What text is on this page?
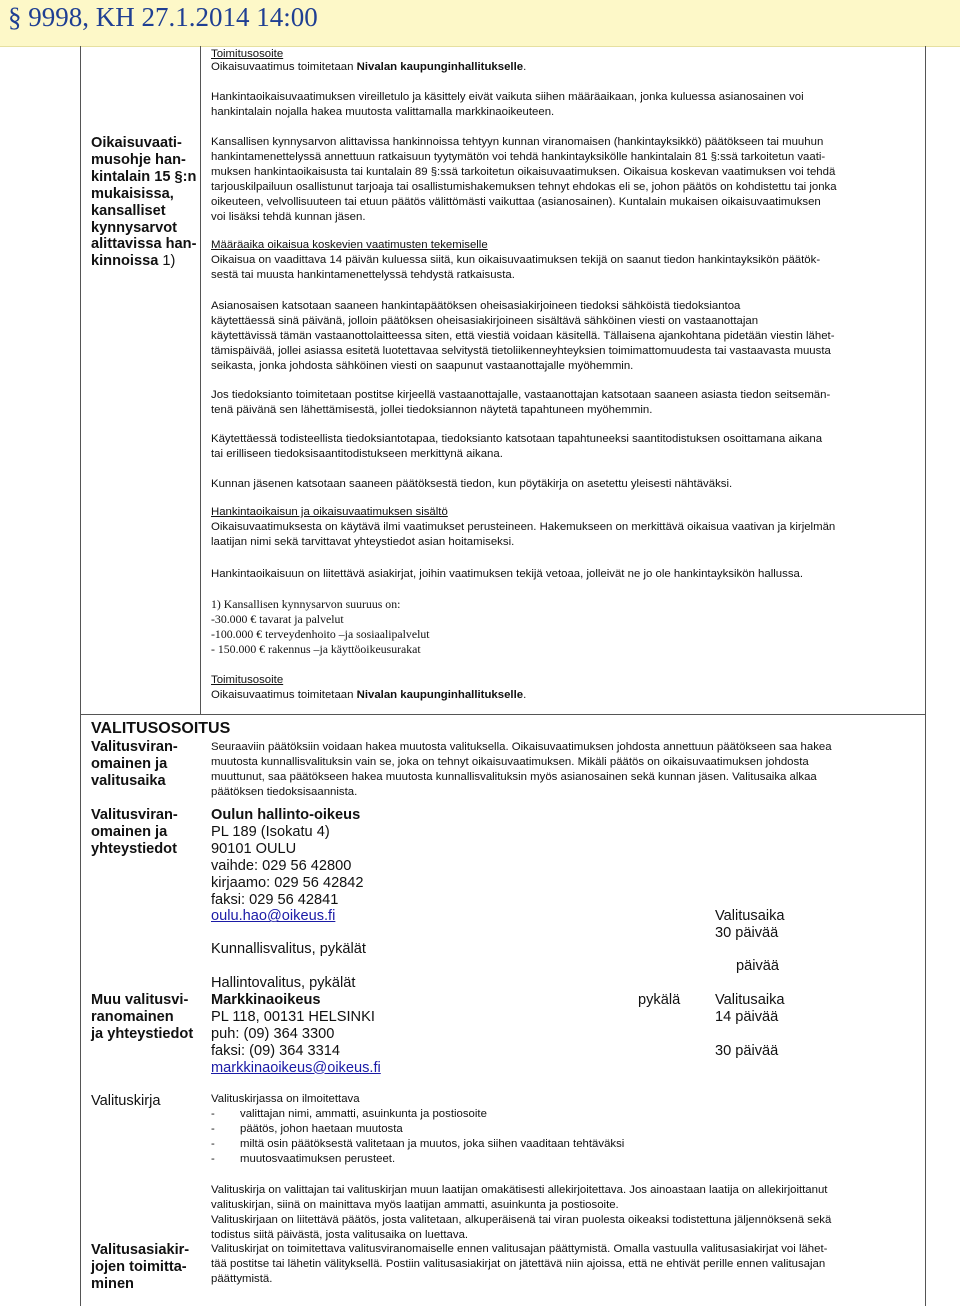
§ 9998, KH 27.1.2014 14:00
Toimitusosoite
Oikaisuvaatimus toimitetaan Nivalan kaupunginhallitukselle.
Hankintaoikaisuvaatimuksen vireilletulo ja käsittely eivät vaikuta siihen määräaikaan, jonka kuluessa asianosainen voi
hankintalain nojalla hakea muutosta valittamalla markkinaoikeuteen.
Oikaisuvaati-
musohje han-
kintalain 15 §:n
mukaisissa,
kansalliset
kynnysarvot
alittavissa han-
kinnoissa 1)
Kansallisen kynnysarvon alittavissa hankinnoissa tehtyyn kunnan viranomaisen (hankintayksikkö) päätökseen tai muuhun
hankintamenettelyssä annettuun ratkaisuun tyytymätön voi tehdä hankintayksikölle hankintalain 81 §:ssä tarkoitetun vaati-
muksen hankintaoikaisusta tai kuntalain 89 §:ssä tarkoitetun oikaisuvaatimuksen. Oikaisua koskevan vaatimuksen voi tehdä
tarjouskilpailuun osallistunut tarjoaja tai osallistumishakemuksen tehnyt ehdokas eli se, johon päätös on kohdistettu tai jonka
oikeuteen, velvollisuuteen tai etuun päätös välittömästi vaikuttaa (asianosainen). Kuntalain mukaisen oikaisuvaatimuksen
voi lisäksi tehdä kunnan jäsen.
Määräaika oikaisua koskevien vaatimusten tekemiselle
Oikaisua on vaadittava 14 päivän kuluessa siitä, kun oikaisuvaatimuksen tekijä on saanut tiedon hankintayksikön päätök-
sestä tai muusta hankintamenettelyssä tehdystä ratkaisusta.
Asianosaisen katsotaan saaneen hankintapäätöksen oheisasiakirjoineen tiedoksi sähköistä tiedoksiantoa
käytettäessä sinä päivänä, jolloin päätöksen oheisasiakirjoineen sisältävä sähköinen viesti on vastaanottajan
käytettävissä tämän vastaanottolaitteessa siten, että viestiä voidaan käsitellä. Tällaisena ajankohtana pidetään viestin lähet-
tämispäivää, jollei asiassa esitetä luotettavaa selvitystä tietoliikenneyhteyksien toimimattomuudesta tai vastaavasta muusta
seikasta, jonka johdosta sähköinen viesti on saapunut vastaanottajalle myöhemmin.
Jos tiedoksianto toimitetaan postitse kirjeellä vastaanottajalle, vastaanottajan katsotaan saaneen asiasta tiedon seitsemän-
tenä päivänä sen lähettämisestä, jollei tiedoksiannon näytetä tapahtuneen myöhemmin.
Käytettäessä todisteellista tiedoksiantotapaa, tiedoksianto katsotaan tapahtuneeksi saantitodistuksen osoittamana aikana
tai erilliseen tiedoksisaantitodistukseen merkittynä aikana.
Kunnan jäsenen katsotaan saaneen päätöksestä tiedon, kun pöytäkirja on asetettu yleisesti nähtäväksi.
Hankintaoikaisun ja oikaisuvaatimuksen sisältö
Oikaisuvaatimuksesta on käytävä ilmi vaatimukset perusteineen. Hakemukseen on merkittävä oikaisua vaativan ja kirjelmän
laatijan nimi sekä tarvittavat yhteystiedot asian hoitamiseksi.
Hankintaoikaisuun on liitettävä asiakirjat, joihin vaatimuksen tekijä vetoaa, jolleivät ne jo ole hankintayksikön hallussa.
1) Kansallisen kynnysarvon suuruus on:
-30.000 € tavarat ja palvelut
-100.000 € terveydenhoito –ja sosiaalipalvelut
- 150.000 € rakennus –ja käyttöoikeusurakat
Toimitusosoite
Oikaisuvaatimus toimitetaan Nivalan kaupunginhallitukselle.
VALITUSOSOITUS
Valitusviran-
omainen ja
valitusaika
Seuraaviin päätöksiin voidaan hakea muutosta valituksella. Oikaisuvaatimuksen johdosta annettuun päätökseen saa hakea
muutosta kunnallisvalituksin vain se, joka on tehnyt oikaisuvaatimuksen. Mikäli päätös on oikaisuvaatimuksen johdosta
muuttunut, saa päätökseen hakea muutosta kunnallisvalituksin myös asianosainen sekä kunnan jäsen. Valitusaika alkaa
päätöksen tiedoksisaannista.
Valitusviran-
omainen ja
yhteystiedot
Oulun hallinto-oikeus
PL 189 (Isokatu 4)
90101 OULU
vaihde: 029 56 42800
kirjaamo: 029 56 42842
faksi: 029 56 42841
oulu.hao@oikeus.fi
Kunnallisvalitus, pykälät
Hallintovalitus, pykälät
Valitusaika
30 päivää
päivää
Muu valitusvi-
ranomainen
ja yhteystiedot
Markkinaoikeus
PL 118, 00131 HELSINKI
puh: (09) 364 3300
faksi: (09) 364 3314
markkinaoikeus@oikeus.fi
pykälä Valitusaika
14 päivää
30 päivää
Valituskirja	Valituskirjassa on ilmoitettava
- valittajan nimi, ammatti, asuinkunta ja postiosoite
- päätös, johon haetaan muutosta
- miltä osin päätöksestä valitetaan ja muutos, joka siihen vaaditaan tehtäväksi
- muutosvaatimuksen perusteet.
Valituskirja on valittajan tai valituskirjan muun laatijan omakätisesti allekirjoitettava. Jos ainoastaan laatija on allekirjoittanut
valituskirjan, siinä on mainittava myös laatijan ammatti, asuinkunta ja postiosoite.
Valituskirjaan on liitettävä päätös, josta valitetaan, alkuperäisenä tai viran puolesta oikeaksi todistettuna jäljennöksenä sekä
todistus siitä päivästä, josta valitusaika on luettava.
Valitusasiakir-
jojen toimitta-
minen
Valituskirjat on toimitettava valitusviranomaiselle ennen valitusajan päättymistä. Omalla vastuulla valitusasiakirjat voi lähet-
tää postitse tai lähetin välityksellä. Postiin valitusasiakirjat on jätettävä niin ajoissa, että ne ehtivät perille ennen valitusajan
päättymistä.
